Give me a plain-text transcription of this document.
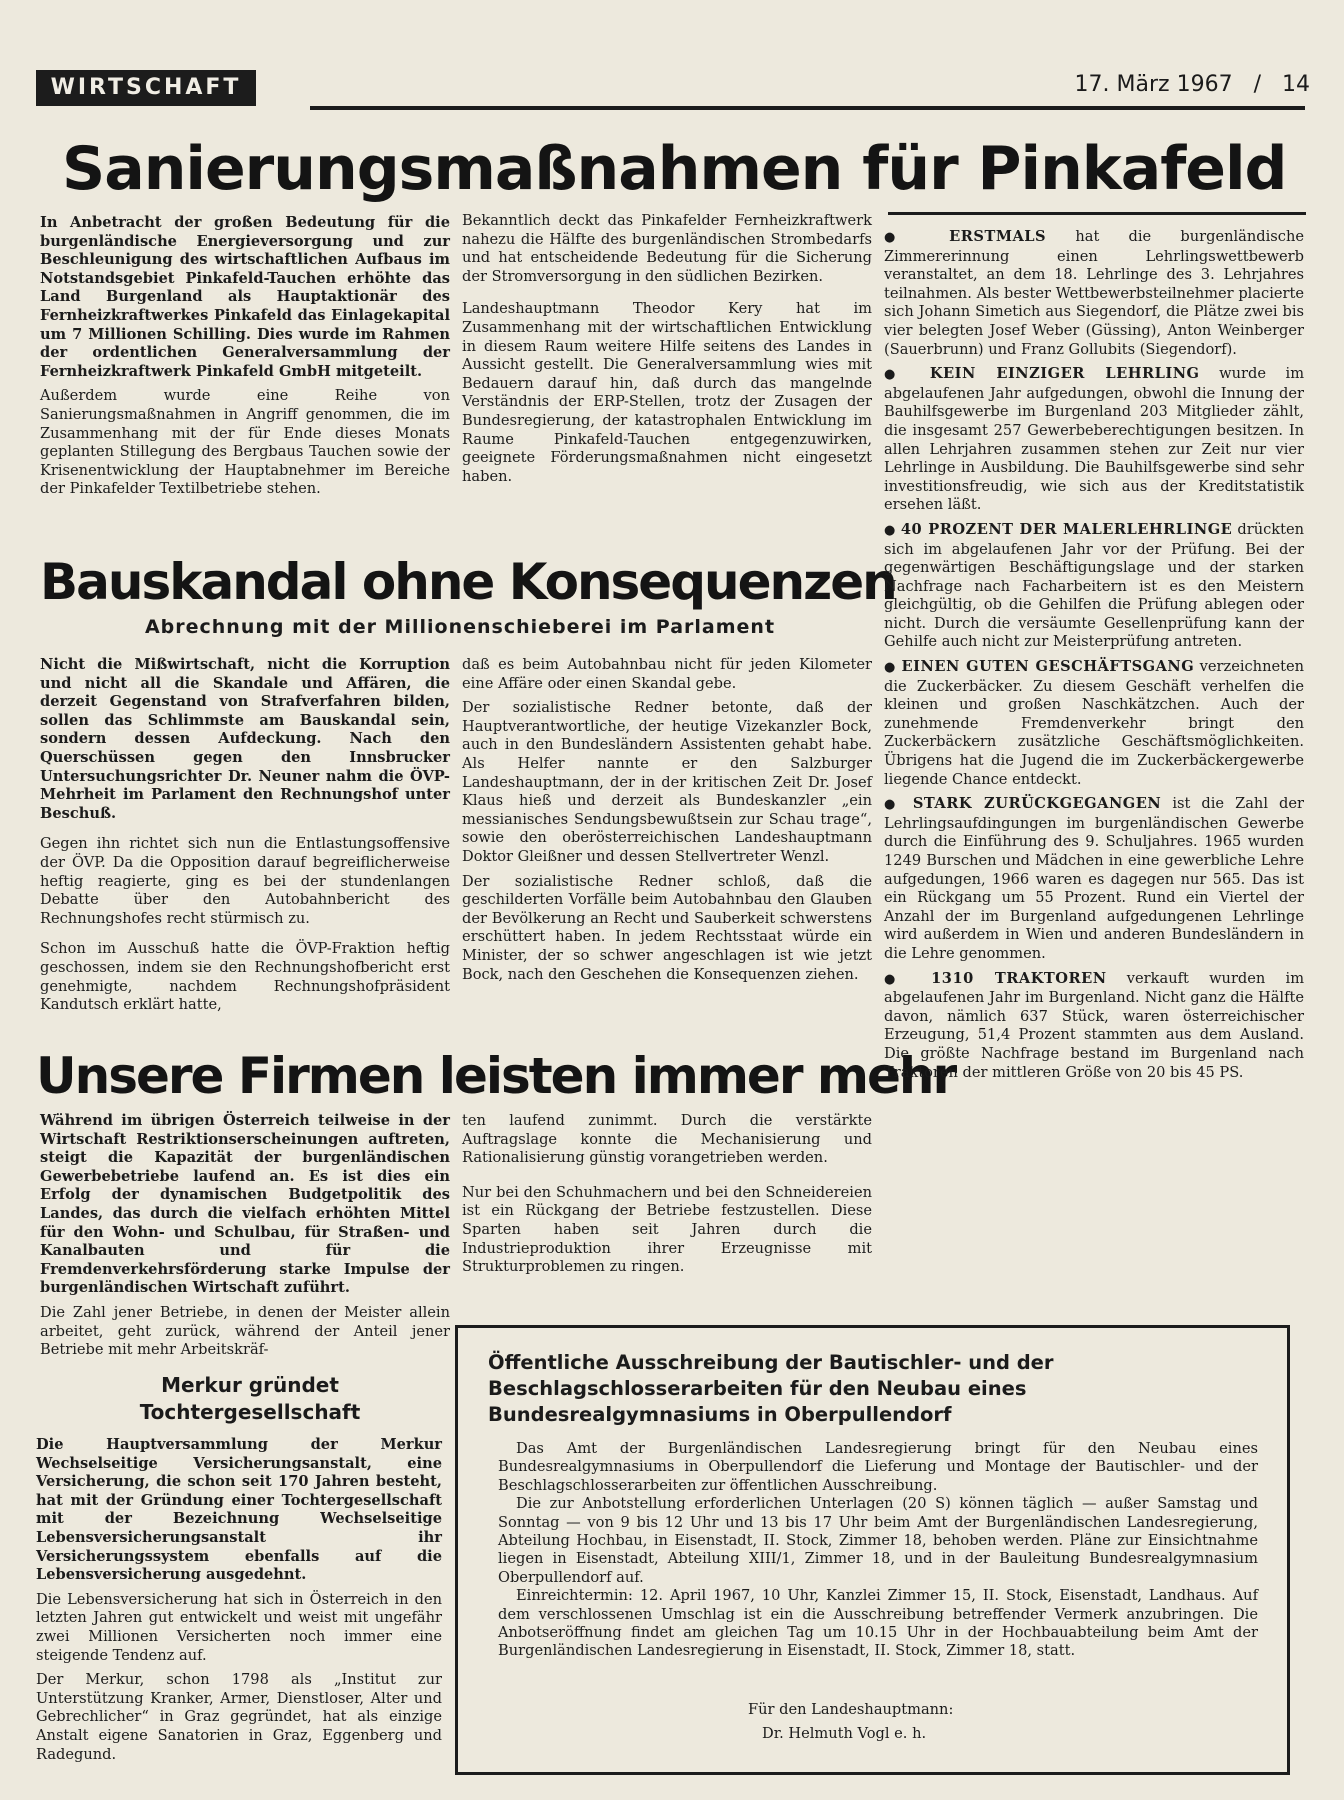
WIRTSCHAFT	17. März 1967 / 14
Sanierungsmaßnahmen für Pinkafeld

In Anbetracht der großen Bedeutung für die burgenländische Energieversorgung und zur Beschleunigung des wirtschaftlichen Aufbaus im Notstandsgebiet Pinkafeld-Tauchen erhöhte das Land Burgenland als Hauptaktionär des Fernheizkraftwerkes Pinkafeld das Einlagekapital um 7 Millionen Schilling. Dies wurde im Rahmen der ordentlichen Generalversammlung der Fernheizkraftwerk Pinkafeld GmbH mitgeteilt.

Außerdem wurde eine Reihe von Sanierungsmaßnahmen in Angriff genommen, die im Zusammenhang mit der für Ende dieses Monats geplanten Stillegung des Bergbaus Tauchen sowie der Krisenentwicklung der Hauptabnehmer im Bereiche der Pinkafelder Textilbetriebe stehen.

Bekanntlich deckt das Pinkafelder Fernheizkraftwerk nahezu die Hälfte des burgenländischen Strombedarfs und hat entscheidende Bedeutung für die Sicherung der Stromversorgung in den südlichen Bezirken.

Landeshauptmann Theodor Kery hat im Zusammenhang mit der wirtschaftlichen Entwicklung in diesem Raum weitere Hilfe seitens des Landes in Aussicht gestellt. Die Generalversammlung wies mit Bedauern darauf hin, daß durch das mangelnde Verständnis der ERP-Stellen, trotz der Zusagen der Bundesregierung, der katastrophalen Entwicklung im Raume Pinkafeld-Tauchen entgegenzuwirken, geeignete Förderungsmaßnahmen nicht eingesetzt haben.

Bauskandal ohne Konsequenzen
Abrechnung mit der Millionenschieberei im Parlament

Nicht die Mißwirtschaft, nicht die Korruption und nicht all die Skandale und Affären, die derzeit Gegenstand von Strafverfahren bilden, sollen das Schlimmste am Bauskandal sein, sondern dessen Aufdeckung. Nach den Querschüssen gegen den Innsbrucker Untersuchungsrichter Dr. Neuner nahm die ÖVP-Mehrheit im Parlament den Rechnungshof unter Beschuß.

Gegen ihn richtet sich nun die Entlastungsoffensive der ÖVP. Da die Opposition darauf begreiflicherweise heftig reagierte, ging es bei der stundenlangen Debatte über den Autobahnbericht des Rechnungshofes recht stürmisch zu.

Schon im Ausschuß hatte die ÖVP-Fraktion heftig geschossen, indem sie den Rechnungshofbericht erst genehmigte, nachdem Rechnungshofpräsident Kandutsch erklärt hatte,

daß es beim Autobahnbau nicht für jeden Kilometer eine Affäre oder einen Skandal gebe.

Der sozialistische Redner betonte, daß der Hauptverantwortliche, der heutige Vizekanzler Bock, auch in den Bundesländern Assistenten gehabt habe. Als Helfer nannte er den Salzburger Landeshauptmann, der in der kritischen Zeit Dr. Josef Klaus hieß und derzeit als Bundeskanzler „ein messianisches Sendungsbewußtsein zur Schau trage“, sowie den oberösterreichischen Landeshauptmann Doktor Gleißner und dessen Stellvertreter Wenzl.

Der sozialistische Redner schloß, daß die geschilderten Vorfälle beim Autobahnbau den Glauben der Bevölkerung an Recht und Sauberkeit schwerstens erschüttert haben. In jedem Rechtsstaat würde ein Minister, der so schwer angeschlagen ist wie jetzt Bock, nach den Geschehen die Konsequenzen ziehen.

Unsere Firmen leisten immer mehr

Während im übrigen Österreich teilweise in der Wirtschaft Restriktionserscheinungen auftreten, steigt die Kapazität der burgenländischen Gewerbebetriebe laufend an. Es ist dies ein Erfolg der dynamischen Budgetpolitik des Landes, das durch die vielfach erhöhten Mittel für den Wohn- und Schulbau, für Straßen- und Kanalbauten und für die Fremdenverkehrsförderung starke Impulse der burgenländischen Wirtschaft zuführt.

Die Zahl jener Betriebe, in denen der Meister allein arbeitet, geht zurück, während der Anteil jener Betriebe mit mehr Arbeitskräf-

ten laufend zunimmt. Durch die verstärkte Auftragslage konnte die Mechanisierung und Rationalisierung günstig vorangetrieben werden.

Nur bei den Schuhmachern und bei den Schneidereien ist ein Rückgang der Betriebe festzustellen. Diese Sparten haben seit Jahren durch die Industrieproduktion ihrer Erzeugnisse mit Strukturproblemen zu ringen.

Merkur gründet
Tochtergesellschaft

Die Hauptversammlung der Merkur Wechselseitige Versicherungsanstalt, eine Versicherung, die schon seit 170 Jahren besteht, hat mit der Gründung einer Tochtergesellschaft mit der Bezeichnung Wechselseitige Lebensversicherungsanstalt ihr Versicherungssystem ebenfalls auf die Lebensversicherung ausgedehnt.

Die Lebensversicherung hat sich in Österreich in den letzten Jahren gut entwickelt und weist mit ungefähr zwei Millionen Versicherten noch immer eine steigende Tendenz auf.

Der Merkur, schon 1798 als „Institut zur Unterstützung Kranker, Armer, Dienstloser, Alter und Gebrechlicher“ in Graz gegründet, hat als einzige Anstalt eigene Sanatorien in Graz, Eggenberg und Radegund.

● ERSTMALS hat die burgenländische Zimmererinnung einen Lehrlingswettbewerb veranstaltet, an dem 18. Lehrlinge des 3. Lehrjahres teilnahmen. Als bester Wettbewerbsteilnehmer placierte sich Johann Simetich aus Siegendorf, die Plätze zwei bis vier belegten Josef Weber (Güssing), Anton Weinberger (Sauerbrunn) und Franz Gollubits (Siegendorf).

● KEIN EINZIGER LEHRLING wurde im abgelaufenen Jahr aufgedungen, obwohl die Innung der Bauhilfsgewerbe im Burgenland 203 Mitglieder zählt, die insgesamt 257 Gewerbeberechtigungen besitzen. In allen Lehrjahren zusammen stehen zur Zeit nur vier Lehrlinge in Ausbildung. Die Bauhilfsgewerbe sind sehr investitionsfreudig, wie sich aus der Kreditstatistik ersehen läßt.

● 40 PROZENT DER MALERLEHRLINGE drückten sich im abgelaufenen Jahr vor der Prüfung. Bei der gegenwärtigen Beschäftigungslage und der starken Nachfrage nach Facharbeitern ist es den Meistern gleichgültig, ob die Gehilfen die Prüfung ablegen oder nicht. Durch die versäumte Gesellenprüfung kann der Gehilfe auch nicht zur Meisterprüfung antreten.

● EINEN GUTEN GESCHÄFTSGANG verzeichneten die Zuckerbäcker. Zu diesem Geschäft verhelfen die kleinen und großen Naschkätzchen. Auch der zunehmende Fremdenverkehr bringt den Zuckerbäckern zusätzliche Geschäftsmöglichkeiten. Übrigens hat die Jugend die im Zuckerbäckergewerbe liegende Chance entdeckt.

● STARK ZURÜCKGEGANGEN ist die Zahl der Lehrlingsaufdingungen im burgenländischen Gewerbe durch die Einführung des 9. Schuljahres. 1965 wurden 1249 Burschen und Mädchen in eine gewerbliche Lehre aufgedungen, 1966 waren es dagegen nur 565. Das ist ein Rückgang um 55 Prozent. Rund ein Viertel der Anzahl der im Burgenland aufgedungenen Lehrlinge wird außerdem in Wien und anderen Bundesländern in die Lehre genommen.

● 1310 TRAKTOREN verkauft wurden im abgelaufenen Jahr im Burgenland. Nicht ganz die Hälfte davon, nämlich 637 Stück, waren österreichischer Erzeugung, 51,4 Prozent stammten aus dem Ausland. Die größte Nachfrage bestand im Burgenland nach Traktoren der mittleren Größe von 20 bis 45 PS.

Öffentliche Ausschreibung der Bautischler- und der Beschlagschlosserarbeiten für den Neubau eines Bundesrealgymnasiums in Oberpullendorf

Das Amt der Burgenländischen Landesregierung bringt für den Neubau eines Bundesrealgymnasiums in Oberpullendorf die Lieferung und Montage der Bautischler- und der Beschlagschlosserarbeiten zur öffentlichen Ausschreibung.

Die zur Anbotstellung erforderlichen Unterlagen (20 S) können täglich — außer Samstag und Sonntag — von 9 bis 12 Uhr und 13 bis 17 Uhr beim Amt der Burgenländischen Landesregierung, Abteilung Hochbau, in Eisenstadt, II. Stock, Zimmer 18, behoben werden. Pläne zur Einsichtnahme liegen in Eisenstadt, Abteilung XIII/1, Zimmer 18, und in der Bauleitung Bundesrealgymnasium Oberpullendorf auf.

Einreichtermin: 12. April 1967, 10 Uhr, Kanzlei Zimmer 15, II. Stock, Eisenstadt, Landhaus. Auf dem verschlossenen Umschlag ist ein die Ausschreibung betreffender Vermerk anzubringen. Die Anbotseröffnung findet am gleichen Tag um 10.15 Uhr in der Hochbauabteilung beim Amt der Burgenländischen Landesregierung in Eisenstadt, II. Stock, Zimmer 18, statt.

Für den Landeshauptmann:
Dr. Helmuth Vogl e. h.
